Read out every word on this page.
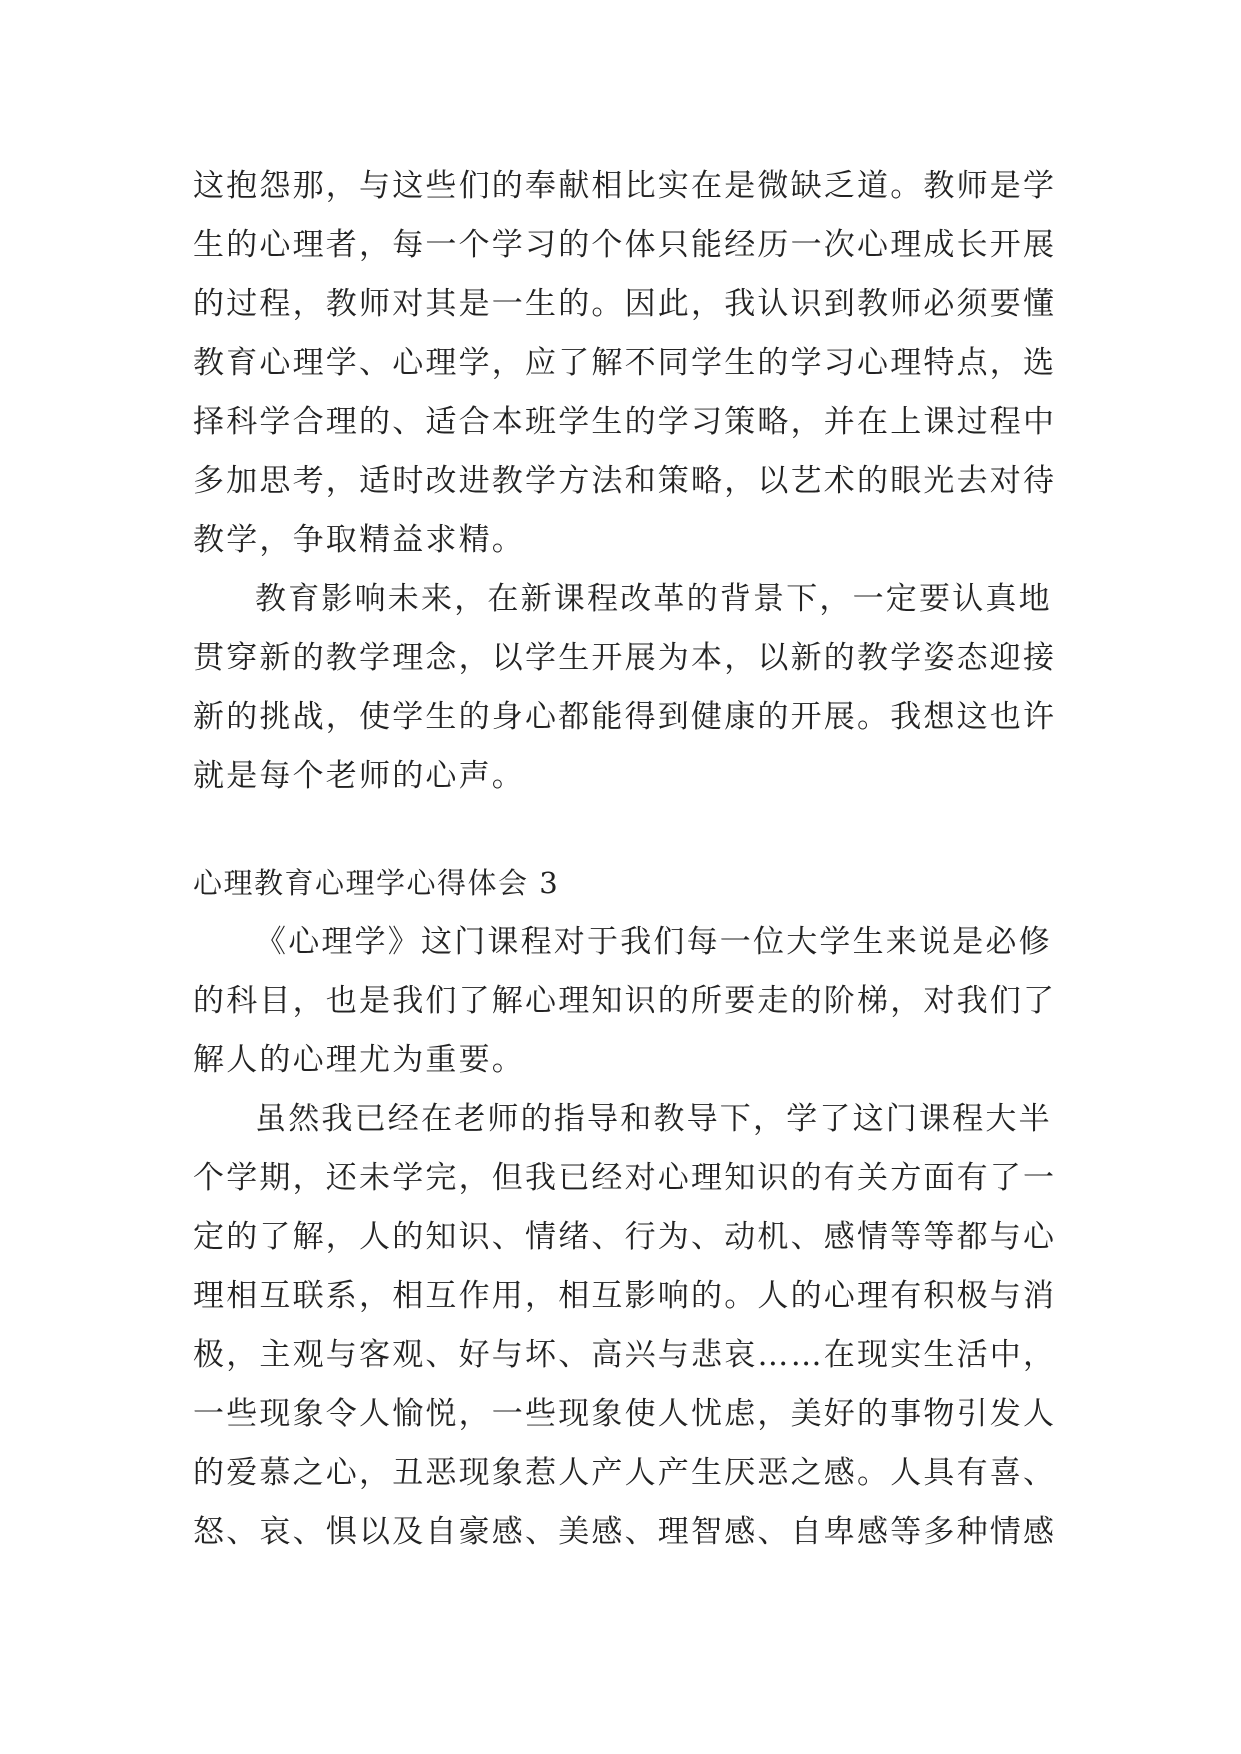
这抱怨那，与这些们的奉献相比实在是微缺乏道。教师是学
生的心理者，每一个学习的个体只能经历一次心理成长开展
的过程，教师对其是一生的。因此，我认识到教师必须要懂
教育心理学、心理学，应了解不同学生的学习心理特点，选
择科学合理的、适合本班学生的学习策略，并在上课过程中
多加思考，适时改进教学方法和策略，以艺术的眼光去对待
教学，争取精益求精。
教育影响未来，在新课程改革的背景下，一定要认真地
贯穿新的教学理念，以学生开展为本，以新的教学姿态迎接
新的挑战，使学生的身心都能得到健康的开展。我想这也许
就是每个老师的心声。
心理教育心理学心得体会 3
《心理学》这门课程对于我们每一位大学生来说是必修
的科目，也是我们了解心理知识的所要走的阶梯，对我们了
解人的心理尤为重要。
虽然我已经在老师的指导和教导下，学了这门课程大半
个学期，还未学完，但我已经对心理知识的有关方面有了一
定的了解，人的知识、情绪、行为、动机、感情等等都与心
理相互联系，相互作用，相互影响的。人的心理有积极与消
极，主观与客观、好与坏、高兴与悲哀……在现实生活中，
一些现象令人愉悦，一些现象使人忧虑，美好的事物引发人
的爱慕之心，丑恶现象惹人产人产生厌恶之感。人具有喜、
怒、哀、惧以及自豪感、美感、理智感、自卑感等多种情感
